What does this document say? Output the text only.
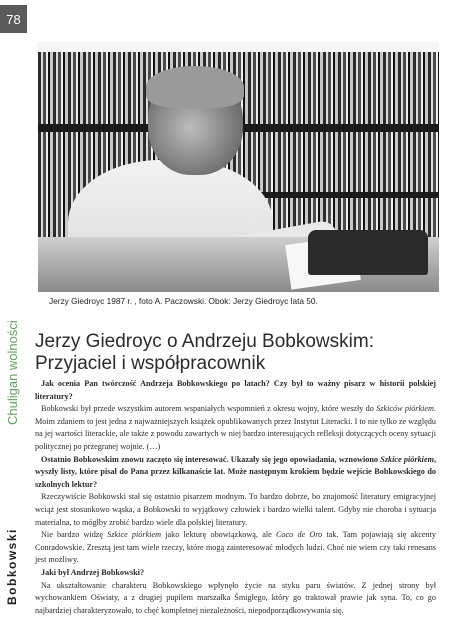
78
Chuligan wolności
Bobkowski
Jerzy Giedroyc 1987 r. , foto A. Paczowski. Obok: Jerzy Giedroyc lata 50.
Jerzy Giedroyc o Andrzeju Bobkowskim:
Przyjaciel i współpracownik

Jak ocenia Pan twórczość Andrzeja Bobkowskiego po latach? Czy był to ważny pisarz w historii polskiej literatury?

Bobkowski był przede wszystkim autorem wspaniałych wspomnień z okresu wojny, które weszły do Szkiców piórkiem. Moim zdaniem to jest jedna z najważniejszych książek opublikowanych przez Instytut Literacki. I to nie tylko ze względu na jej wartości literackie, ale także z powodu zawartych w niej bardzo interesujących refleksji dotyczących oceny sytuacji politycznej po przegranej wojnie. (…)

Ostatnio Bobkowskim znowu zaczęto się interesować. Ukazały się jego opowiadania, wznowiono Szkice piórkiem, wyszły listy, które pisał do Pana przez kilkanaście lat. Może następnym krokiem będzie wejście Bobkowskiego do szkolnych lektur?

Rzeczywiście Bobkowski stał się ostatnio pisarzem modnym. To bardzo dobrze, bo znajomość literatury emigracyjnej wciąż jest stosunkowo wąska, a Bobkowski to wyjątkowy człowiek i bardzo wielki talent. Gdyby nie choroba i sytuacja materialna, to mógłby zrobić bardzo wiele dla polskiej literatury.

Nie bardzo widzę Szkice piórkiem jako lekturę obowiązkową, ale Coco de Oro tak. Tam pojawiają się akcenty Conradowskie. Zresztą jest tam wiele rzeczy, które mogą zainteresować młodych ludzi. Choć nie wiem czy taki renesans jest możliwy.

Jaki był Andrzej Bobkowski?

Na ukształtowanie charakteru Bobkowskiego wpłynęło życie na styku paru światów. Z jednej strony był wychowankiem Oświaty, a z drugiej pupilem marszałka Śmigłego, który go traktował prawie jak syna. To, co go najbardziej charakteryzowało, to chęć kompletnej niezależności, niepodporządkowywania się.
